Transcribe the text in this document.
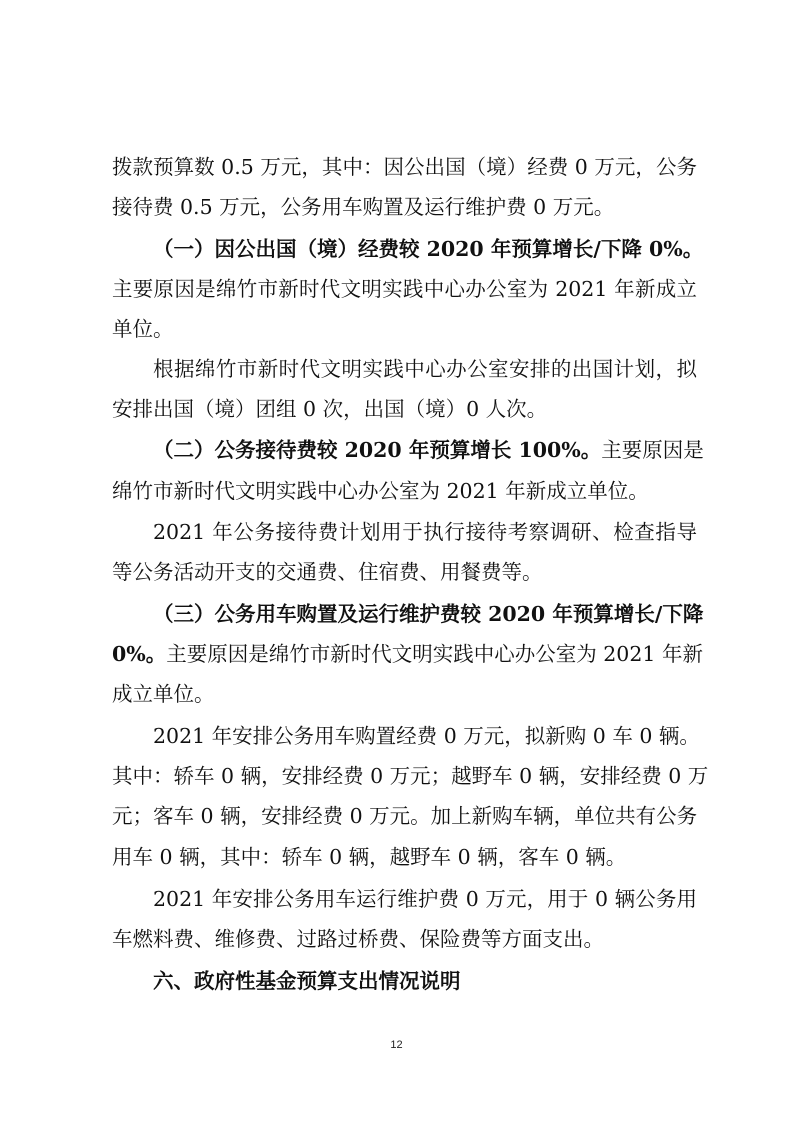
拨款预算数 0.5 万元，其中：因公出国（境）经费 0 万元，公务
接待费 0.5 万元，公务用车购置及运行维护费 0 万元。
（一）因公出国（境）经费较 2020 年预算增长/下降 0%。
主要原因是绵竹市新时代文明实践中心办公室为 2021 年新成立
单位。
根据绵竹市新时代文明实践中心办公室安排的出国计划，拟
安排出国（境）团组 0 次，出国（境）0 人次。
（二）公务接待费较 2020 年预算增长 100%。主要原因是
绵竹市新时代文明实践中心办公室为 2021 年新成立单位。
2021 年公务接待费计划用于执行接待考察调研、检查指导
等公务活动开支的交通费、住宿费、用餐费等。
（三）公务用车购置及运行维护费较 2020 年预算增长/下降
0%。主要原因是绵竹市新时代文明实践中心办公室为 2021 年新
成立单位。
2021 年安排公务用车购置经费 0 万元，拟新购 0 车 0 辆。
其中：轿车 0 辆，安排经费 0 万元；越野车 0 辆，安排经费 0 万
元；客车 0 辆，安排经费 0 万元。加上新购车辆，单位共有公务
用车 0 辆，其中：轿车 0 辆，越野车 0 辆，客车 0 辆。
2021 年安排公务用车运行维护费 0 万元，用于 0 辆公务用
车燃料费、维修费、过路过桥费、保险费等方面支出。
六、政府性基金预算支出情况说明
12
